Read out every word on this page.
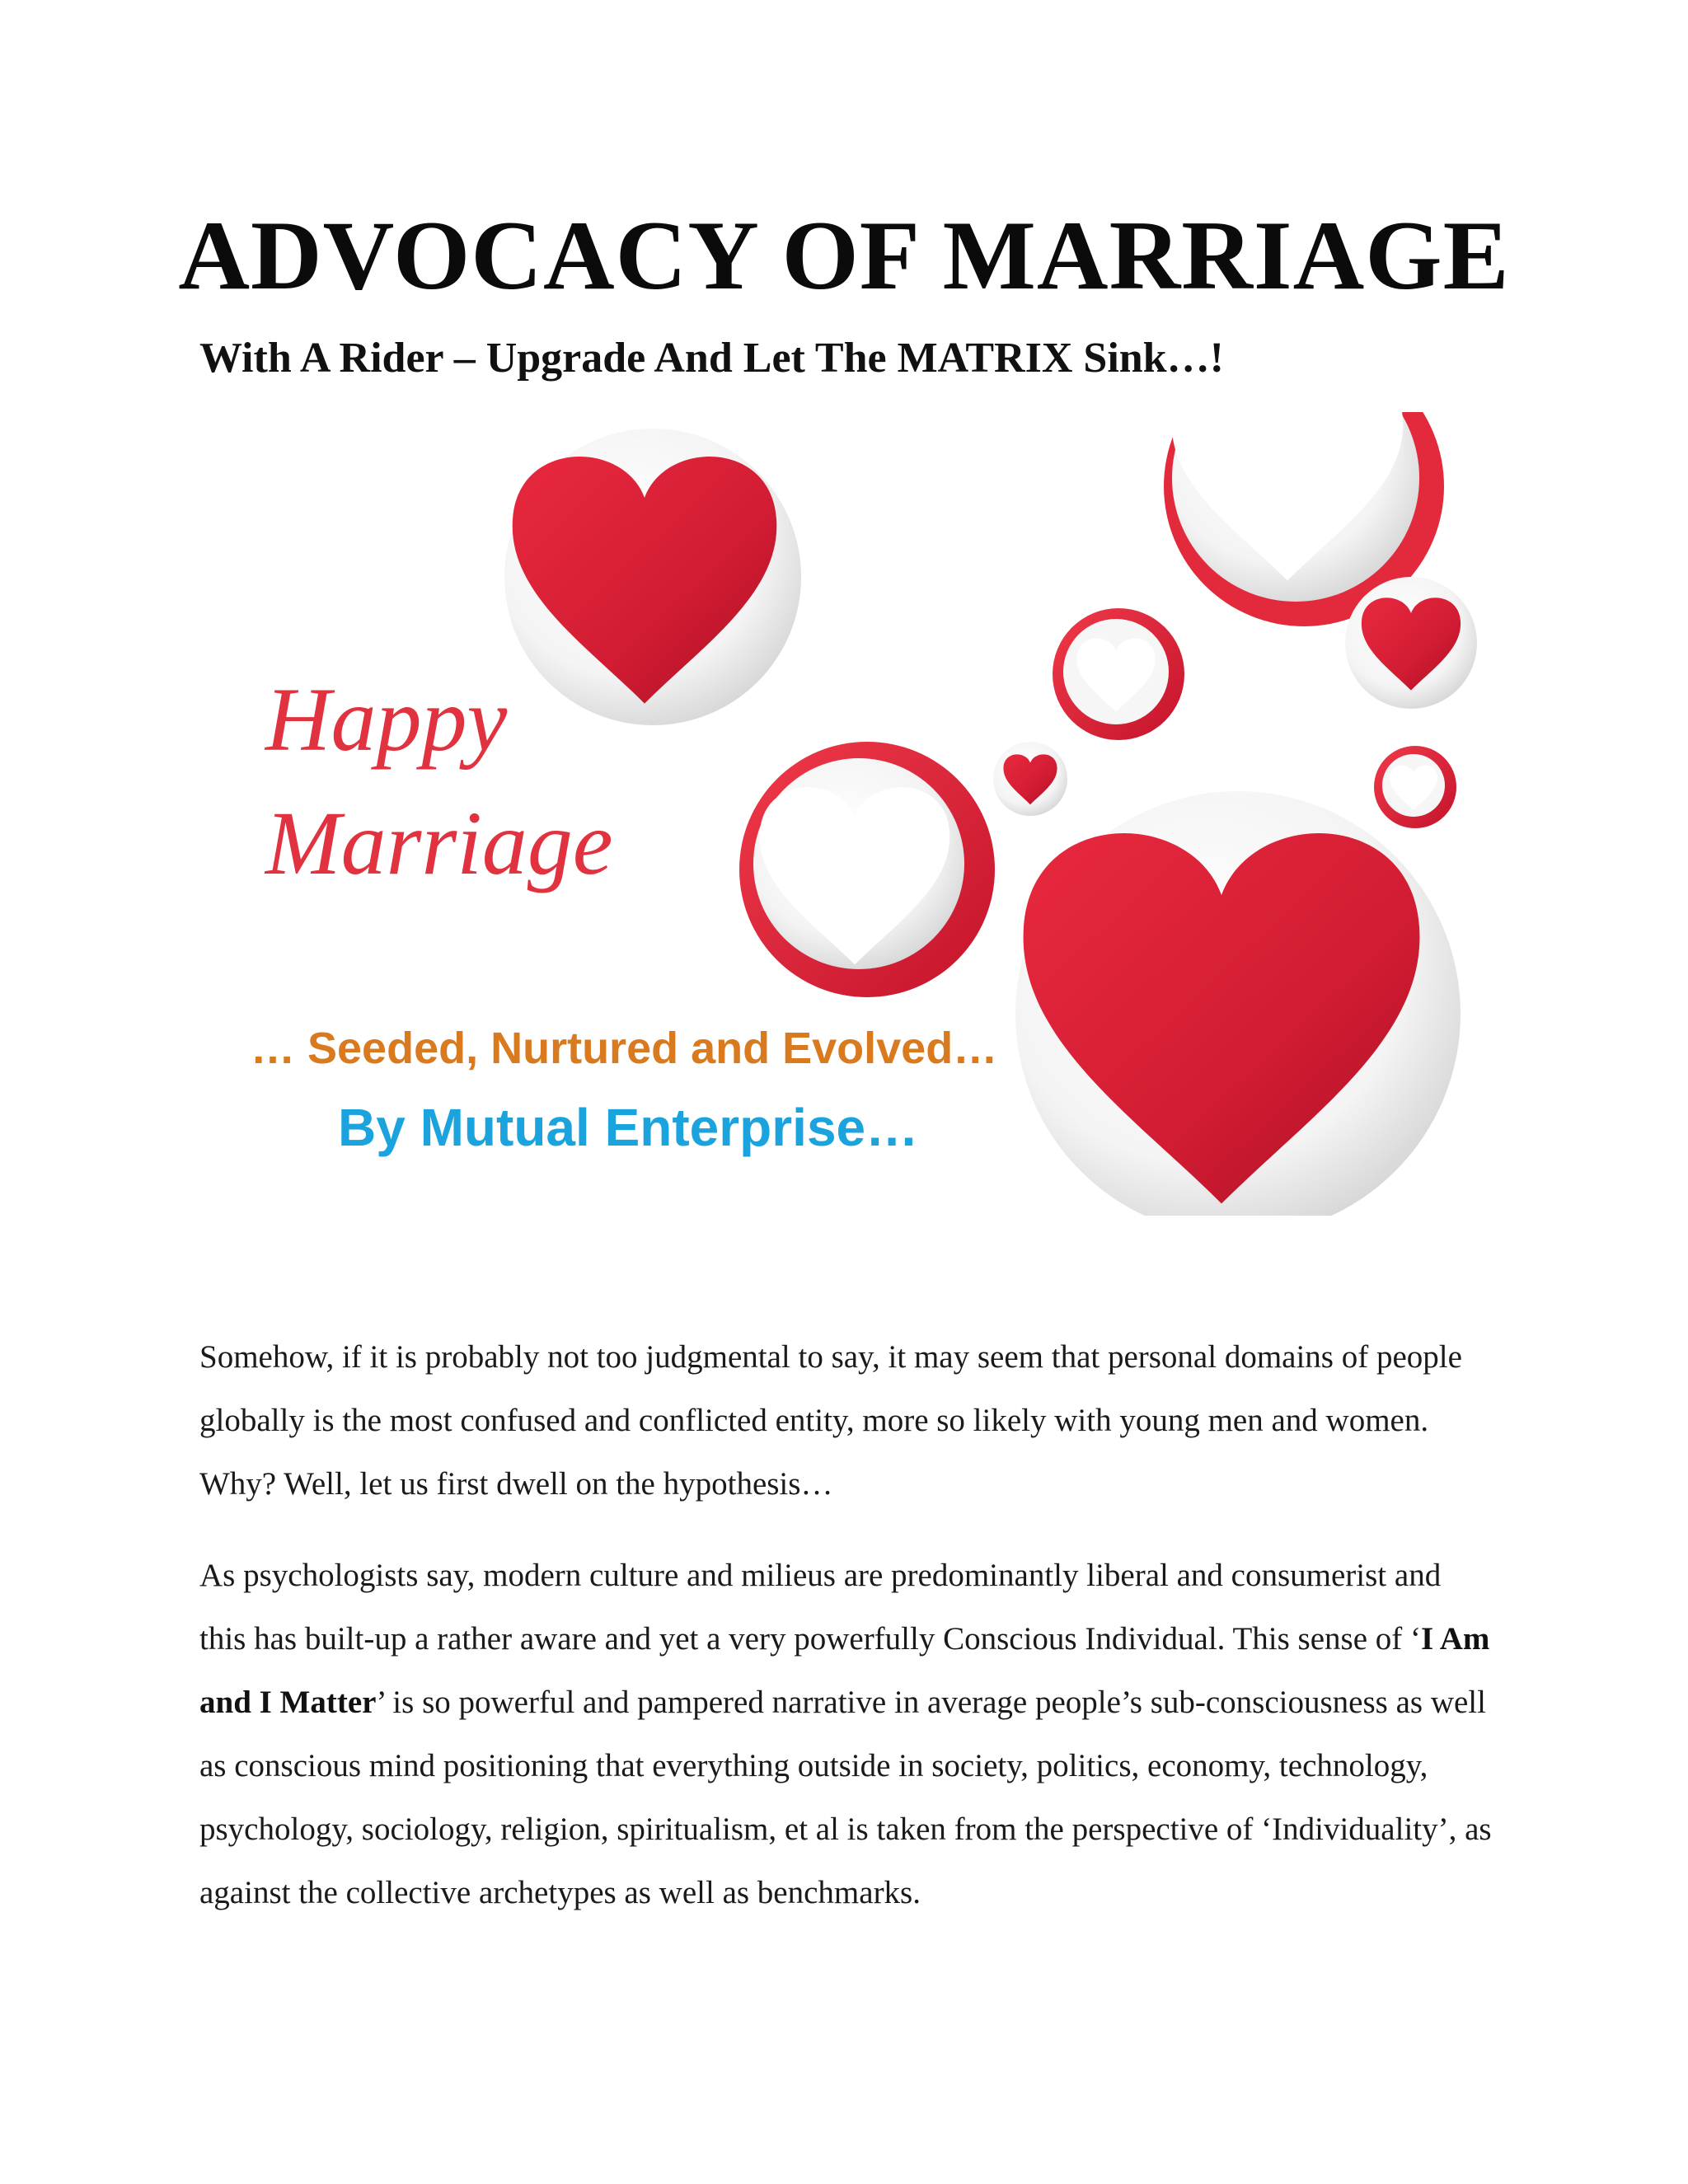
ADVOCACY OF MARRIAGE
With A Rider – Upgrade And Let The MATRIX Sink…!
Happy
Marriage
… Seeded, Nurtured and Evolved…
By Mutual Enterprise…

Somehow, if it is probably not too judgmental to say, it may seem that personal domains of people globally is the most confused and conflicted entity, more so likely with young men and women. Why? Well, let us first dwell on the hypothesis…

As psychologists say, modern culture and milieus are predominantly liberal and consumerist and this has built-up a rather aware and yet a very powerfully Conscious Individual. This sense of ‘I Am and I Matter’ is so powerful and pampered narrative in average people’s sub-consciousness as well as conscious mind positioning that everything outside in society, politics, economy, technology, psychology, sociology, religion, spiritualism, et al is taken from the perspective of ‘Individuality’, as against the collective archetypes as well as benchmarks.
